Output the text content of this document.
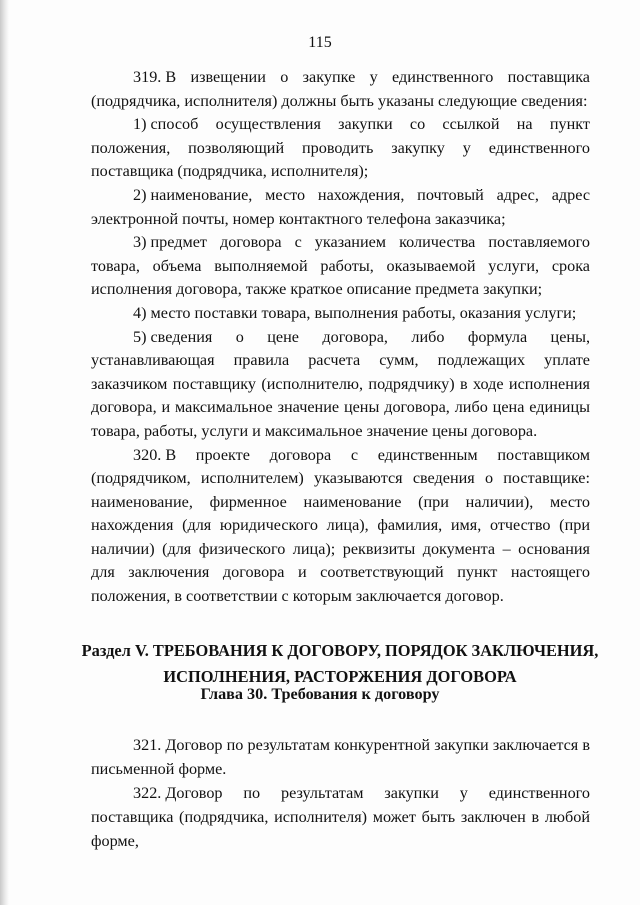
115

319. В извещении о закупке у единственного поставщика (подрядчика, исполнителя) должны быть указаны следующие сведения:

1) способ осуществления закупки со ссылкой на пункт положения, позволяющий проводить закупку у единственного поставщика (подрядчика, исполнителя);

2) наименование, место нахождения, почтовый адрес, адрес электронной почты, номер контактного телефона заказчика;

3) предмет договора с указанием количества поставляемого товара, объема выполняемой работы, оказываемой услуги, срока исполнения договора, также краткое описание предмета закупки;

4) место поставки товара, выполнения работы, оказания услуги;

5) сведения о цене договора, либо формула цены, устанавливающая правила расчета сумм, подлежащих уплате заказчиком поставщику (исполнителю, подрядчику) в ходе исполнения договора, и максимальное значение цены договора, либо цена единицы товара, работы, услуги и максимальное значение цены договора.

320. В проекте договора с единственным поставщиком (подрядчиком, исполнителем) указываются сведения о поставщике: наименование, фирменное наименование (при наличии), место нахождения (для юридического лица), фамилия, имя, отчество (при наличии) (для физического лица); реквизиты документа – основания для заключения договора и соответствующий пункт настоящего положения, в соответствии с которым заключается договор.

Раздел V. ТРЕБОВАНИЯ К ДОГОВОРУ, ПОРЯДОК ЗАКЛЮЧЕНИЯ, ИСПОЛНЕНИЯ, РАСТОРЖЕНИЯ ДОГОВОРА
Глава 30. Требования к договору

321. Договор по результатам конкурентной закупки заключается в письменной форме.

322. Договор по результатам закупки у единственного поставщика (подрядчика, исполнителя) может быть заключен в любой форме,
